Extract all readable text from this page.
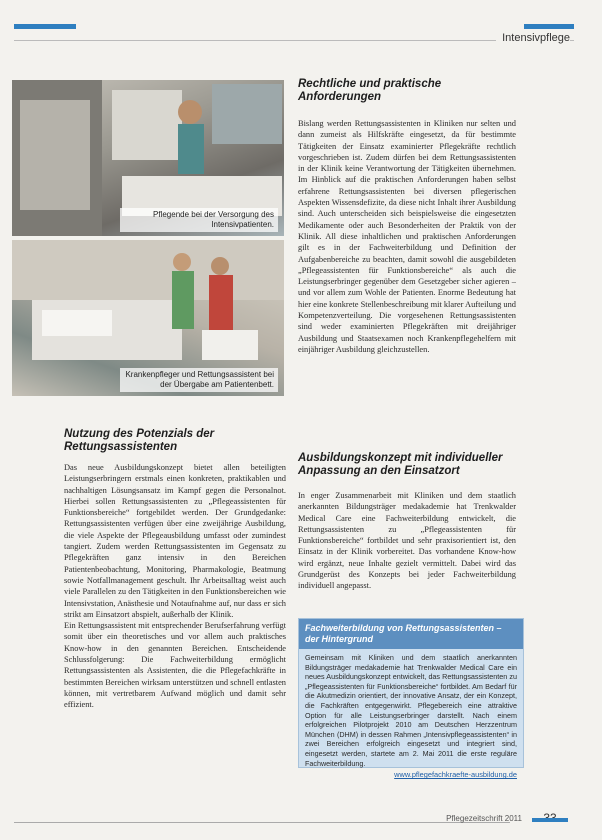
Intensivpflege
Pflegende bei der Versorgung des Intensivpatienten.
Krankenpfleger und Rettungsassistent bei der Übergabe am Patientenbett.
Nutzung des Potenzials der Rettungsassistenten

Das neue Ausbildungskonzept bietet allen beteiligten Leistungserbringern erstmals einen konkreten, praktikablen und nachhaltigen Lösungsansatz im Kampf gegen die Personalnot. Hierbei sollen Rettungsassistenten zu „Pflegeassistenten für Funktionsbereiche“ fortgebildet werden. Der Grundgedanke: Rettungsassistenten verfügen über eine zweijährige Ausbildung, die viele Aspekte der Pflegeausbildung umfasst oder zumindest tangiert. Zudem werden Rettungsassistenten im Gegensatz zu Pflegekräften ganz intensiv in den Bereichen Patientenbeobachtung, Monitoring, Pharmakologie, Beatmung sowie Notfallmanagement geschult. Ihr Arbeitsalltag weist auch viele Parallelen zu den Tätigkeiten in den Funktionsbereichen wie Intensivstation, Anästhesie und Notaufnahme auf, nur dass er sich strikt am Einsatzort abspielt, außerhalb der Klinik.

Ein Rettungsassistent mit entsprechender Berufserfahrung verfügt somit über ein theoretisches und vor allem auch praktisches Know-how in den genannten Bereichen. Entscheidende Schlussfolgerung: Die Fachweiterbildung ermöglicht Rettungsassistenten als Assistenten, die die Pflegefachkräfte in bestimmten Bereichen wirksam unterstützen und schnell entlasten können, mit vertretbarem Aufwand möglich und damit sehr effizient.

Rechtliche und praktische Anforderungen

Bislang werden Rettungsassistenten in Kliniken nur selten und dann zumeist als Hilfskräfte eingesetzt, da für bestimmte Tätigkeiten der Einsatz examinierter Pflegekräfte rechtlich vorgeschrieben ist. Zudem dürfen bei dem Rettungsassistenten in der Klinik keine Verantwortung der Tätigkeiten übernehmen. Im Hinblick auf die praktischen Anforderungen haben selbst erfahrene Rettungsassistenten bei diversen pflegerischen Aspekten Wissensdefizite, da diese nicht Inhalt ihrer Ausbildung sind. Auch unterscheiden sich beispielsweise die eingesetzten Medikamente oder auch Besonderheiten der Praktik von der Klinik. All diese inhaltlichen und praktischen Anforderungen gilt es in der Fachweiterbildung und Definition der Aufgabenbereiche zu beachten, damit sowohl die ausgebildeten „Pflegeassistenten für Funktionsbereiche“ als auch die Leistungserbringer gegenüber dem Gesetzgeber sicher agieren – und vor allem zum Wohle der Patienten. Enorme Bedeutung hat hier eine konkrete Stellenbeschreibung mit klarer Aufteilung und Kompetenzverteilung. Die vorgesehenen Rettungsassistenten sind weder examinierten Pflegekräften mit dreijähriger Ausbildung und Staatsexamen noch Krankenpflegehelfern mit einjähriger Ausbildung gleichzustellen.

Ausbildungskonzept mit individueller Anpassung an den Einsatzort

In enger Zusammenarbeit mit Kliniken und dem staatlich anerkannten Bildungsträger medakademie hat Trenkwalder Medical Care eine Fachweiterbildung entwickelt, die Rettungsassistenten zu „Pflegeassistenten für Funktionsbereiche“ fortbildet und sehr praxisorientiert ist, den Einsatz in der Klinik vorbereitet. Das vorhandene Know-how wird ergänzt, neue Inhalte gezielt vermittelt. Dabei wird das Grundgerüst des Konzepts bei jeder Fachweiterbildung individuell angepasst.

Fachweiterbildung von Rettungsassistenten – der Hintergrund
Gemeinsam mit Kliniken und dem staatlich anerkannten Bildungsträger medakademie hat Trenkwalder Medical Care ein neues Ausbildungskonzept entwickelt, das Rettungsassistenten zu „Pflegeassistenten für Funktionsbereiche“ fortbildet. Am Bedarf für die Akutmedizin orientiert, der innovative Ansatz, der ein Konzept, die Fachkräften entgegenwirkt. Pflegebereich eine attraktive Option für alle Leistungserbringer darstellt. Nach einem erfolgreichen Pilotprojekt 2010 am Deutschen Herzzentrum München (DHM) in dessen Rahmen „Intensivpflegeassistenten“ in zwei Bereichen erfolgreich eingesetzt und integriert sind, eingesetzt werden, startete am 2. Mai 2011 die erste reguläre Fachweiterbildung.
www.pflegefachkraefte-ausbildung.de
Pflegezeitschrift 2011
